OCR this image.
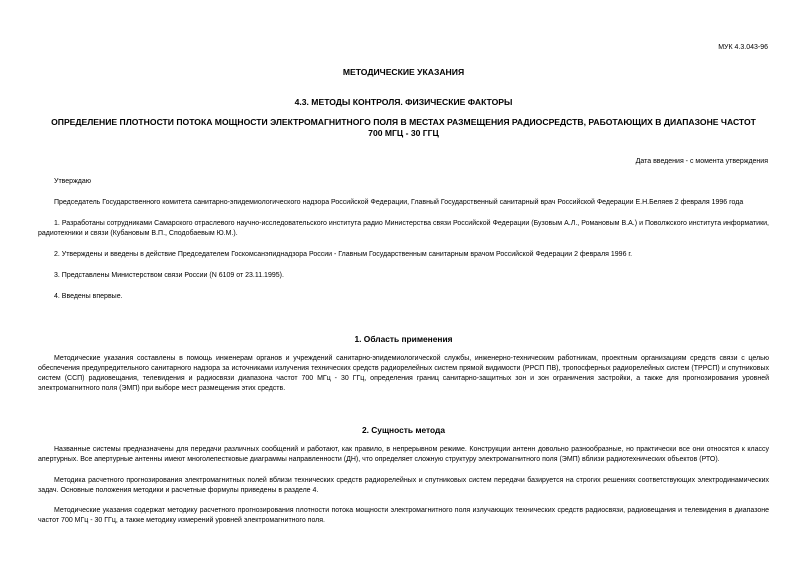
МУК 4.3.043-96
МЕТОДИЧЕСКИЕ УКАЗАНИЯ
4.3. МЕТОДЫ КОНТРОЛЯ. ФИЗИЧЕСКИЕ ФАКТОРЫ
ОПРЕДЕЛЕНИЕ ПЛОТНОСТИ ПОТОКА МОЩНОСТИ ЭЛЕКТРОМАГНИТНОГО ПОЛЯ В МЕСТАХ РАЗМЕЩЕНИЯ РАДИОСРЕДСТВ, РАБОТАЮЩИХ В ДИАПАЗОНЕ ЧАСТОТ
700 МГЦ - 30 ГГЦ
Дата введения - с момента утверждения

Утверждаю

Председатель Государственного комитета санитарно-эпидемиологического надзора Российской Федерации, Главный Государственный санитарный врач Российской Федерации Е.Н.Беляев 2 февраля 1996 года

1. Разработаны сотрудниками Самарского отраслевого научно-исследовательского института радио Министерства связи Российской Федерации (Бузовым А.Л., Романовым В.А.) и Поволжского института информатики, радиотехники и связи (Кубановым В.П., Сподобаевым Ю.М.).

2. Утверждены и введены в действие Председателем Госкомсанэпиднадзора России - Главным Государственным санитарным врачом Российской Федерации 2 февраля 1996 г.

3. Представлены Министерством связи России (N 6109 от 23.11.1995).

4. Введены впервые.

1. Область применения

Методические указания составлены в помощь инженерам органов и учреждений санитарно-эпидемиологической службы, инженерно-техническим работникам, проектным организациям средств связи с целью обеспечения предупредительного санитарного надзора за источниками излучения технических средств радиорелейных систем прямой видимости (РРСП ПВ), тропосферных радиорелейных систем (ТРРСП) и спутниковых систем (ССП) радиовещания, телевидения и радиосвязи диапазона частот 700 МГц - 30 ГГц, определения границ санитарно-защитных зон и зон ограничения застройки, а также для прогнозирования уровней электромагнитного поля (ЭМП) при выборе мест размещения этих средств.

2. Сущность метода

Названные системы предназначены для передачи различных сообщений и работают, как правило, в непрерывном режиме. Конструкции антенн довольно разнообразные, но практически все они относятся к классу апертурных. Все апертурные антенны имеют многолепестковые диаграммы направленности (ДН), что определяет сложную структуру электромагнитного поля (ЭМП) вблизи радиотехнических объектов (РТО).

Методика расчетного прогнозирования электромагнитных полей вблизи технических средств радиорелейных и спутниковых систем передачи базируется на строгих решениях соответствующих электродинамических задач. Основные положения методики и расчетные формулы приведены в разделе 4.

Методические указания содержат методику расчетного прогнозирования плотности потока мощности электромагнитного поля излучающих технических средств радиосвязи, радиовещания и телевидения в диапазоне частот 700 МГц - 30 ГГц, а также методику измерений уровней электромагнитного поля.
